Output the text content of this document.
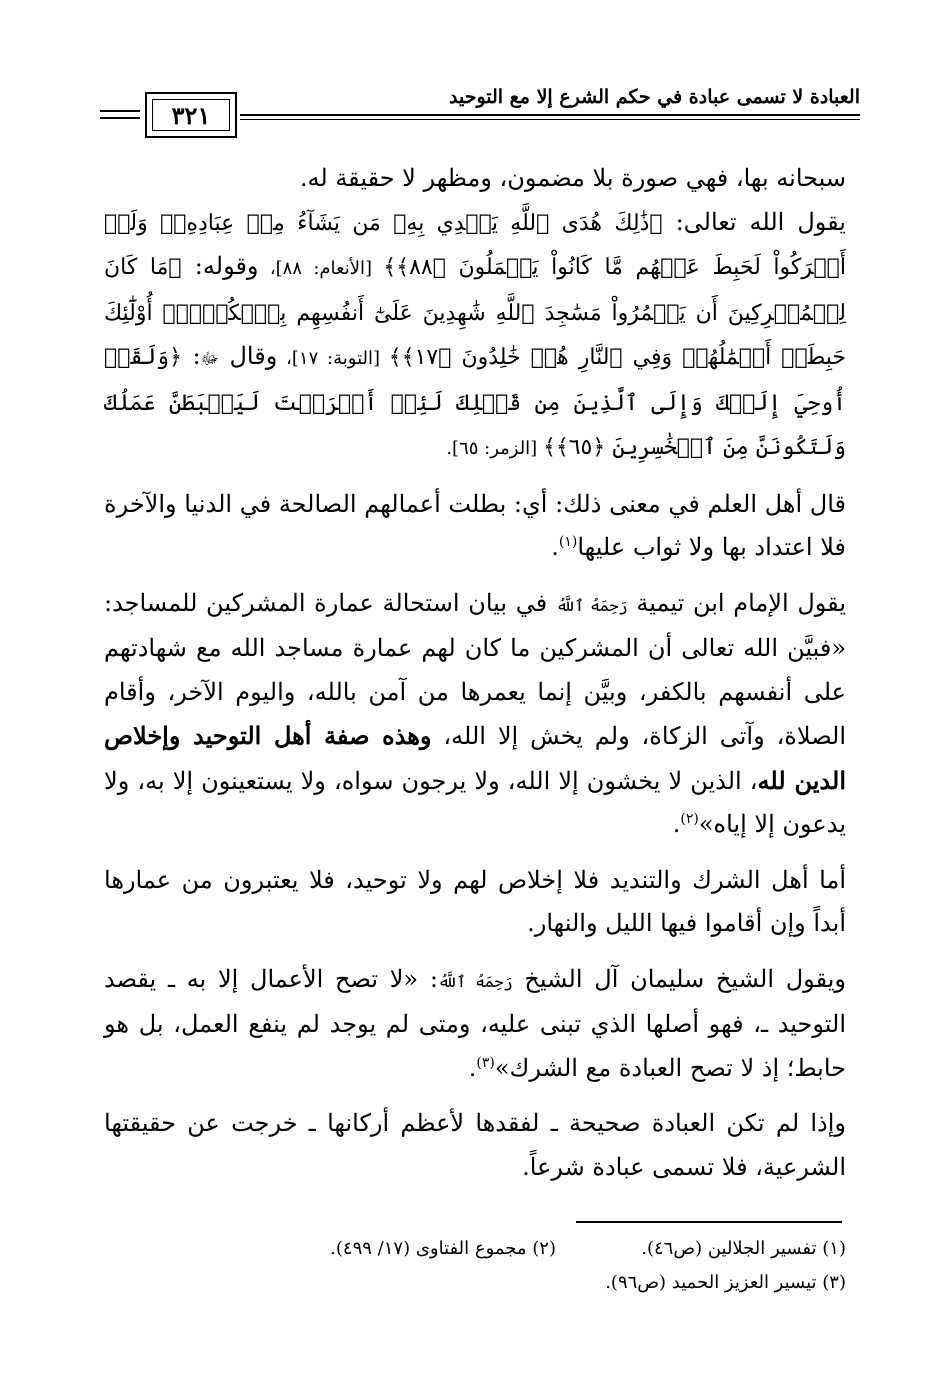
٣٢١
العبادة لا تسمى عبادة في حكم الشرع إلا مع التوحيد

سبحانه بها، فهي صورة بلا مضمون، ومظهر لا حقيقة له.

يقول الله تعالى: ﴿ذَٰلِكَ هُدَى ٱللَّهِ يَهۡدِي بِهِۦ مَن يَشَآءُ مِنۡ عِبَادِهِۦۚ وَلَوۡ أَشۡرَكُواْ لَحَبِطَ عَنۡهُم مَّا كَانُواْ يَعۡمَلُونَ ﴿٨٨﴾﴾ [الأنعام: ٨٨]، وقوله: ﴿مَا كَانَ لِلۡمُشۡرِكِينَ أَن يَعۡمُرُواْ مَسَٰجِدَ ٱللَّهِ شَٰهِدِينَ عَلَىٰٓ أَنفُسِهِم بِٱلۡكُفۡرِۚ أُوْلَٰٓئِكَ حَبِطَتۡ أَعۡمَٰلُهُمۡ وَفِي ٱلنَّارِ هُمۡ خَٰلِدُونَ ﴿١٧﴾﴾ [التوبة: ١٧]، وقال ﷻ: ﴿وَلَقَدۡ أُوحِيَ إِلَيۡكَ وَإِلَى ٱلَّذِينَ مِن قَبۡلِكَ لَئِنۡ أَشۡرَكۡتَ لَيَحۡبَطَنَّ عَمَلُكَ وَلَتَكُونَنَّ مِنَ ٱلۡخَٰسِرِينَ ﴿٦٥﴾﴾ [الزمر: ٦٥].

قال أهل العلم في معنى ذلك: أي: بطلت أعمالهم الصالحة في الدنيا والآخرة فلا اعتداد بها ولا ثواب عليها$^{(١)}$.

يقول الإمام ابن تيمية رَحِمَهُ ٱللَّهُ في بيان استحالة عمارة المشركين للمساجد: «فبيَّن الله تعالى أن المشركين ما كان لهم عمارة مساجد الله مع شهادتهم على أنفسهم بالكفر، وبيَّن إنما يعمرها من آمن بالله، واليوم الآخر، وأقام الصلاة، وآتى الزكاة، ولم يخش إلا الله، وهذه صفة أهل التوحيد وإخلاص الدين لله، الذين لا يخشون إلا الله، ولا يرجون سواه، ولا يستعينون إلا به، ولا يدعون إلا إياه»$^{(٢)}$.

أما أهل الشرك والتنديد فلا إخلاص لهم ولا توحيد، فلا يعتبرون من عمارها أبداً وإن أقاموا فيها الليل والنهار.

ويقول الشيخ سليمان آل الشيخ رَحِمَهُ ٱللَّهُ: «لا تصح الأعمال إلا به ـ يقصد التوحيد ـ، فهو أصلها الذي تبنى عليه، ومتى لم يوجد لم ينفع العمل، بل هو حابط؛ إذ لا تصح العبادة مع الشرك»$^{(٣)}$.

وإذا لم تكن العبادة صحيحة ـ لفقدها لأعظم أركانها ـ خرجت عن حقيقتها الشرعية، فلا تسمى عبادة شرعاً.

(١) تفسير الجلالين (ص٤٦).
(٢) مجموع الفتاوى (١٧/ ٤٩٩).
(٣) تيسير العزيز الحميد (ص٩٦).
